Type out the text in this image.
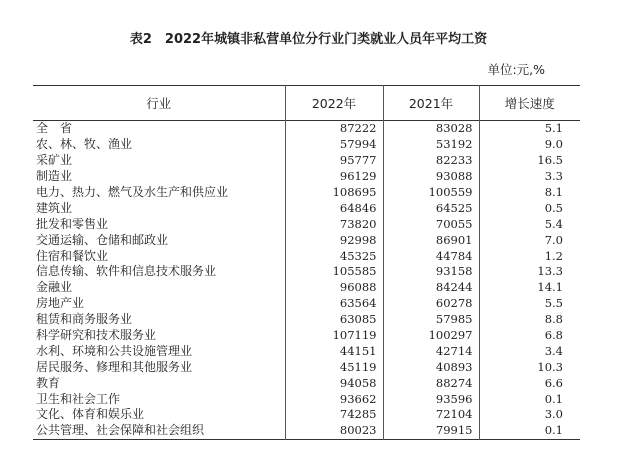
表2　2022年城镇非私营单位分行业门类就业人员年平均工资
单位:元,%
行业	2022年	2021年	增长速度
全　省	87222	83028	5.1
农、林、牧、渔业	57994	53192	9.0
采矿业	95777	82233	16.5
制造业	96129	93088	3.3
电力、热力、燃气及水生产和供应业	108695	100559	8.1
建筑业	64846	64525	0.5
批发和零售业	73820	70055	5.4
交通运输、仓储和邮政业	92998	86901	7.0
住宿和餐饮业	45325	44784	1.2
信息传输、软件和信息技术服务业	105585	93158	13.3
金融业	96088	84244	14.1
房地产业	63564	60278	5.5
租赁和商务服务业	63085	57985	8.8
科学研究和技术服务业	107119	100297	6.8
水利、环境和公共设施管理业	44151	42714	3.4
居民服务、修理和其他服务业	45119	40893	10.3
教育	94058	88274	6.6
卫生和社会工作	93662	93596	0.1
文化、体育和娱乐业	74285	72104	3.0
公共管理、社会保障和社会组织	80023	79915	0.1
